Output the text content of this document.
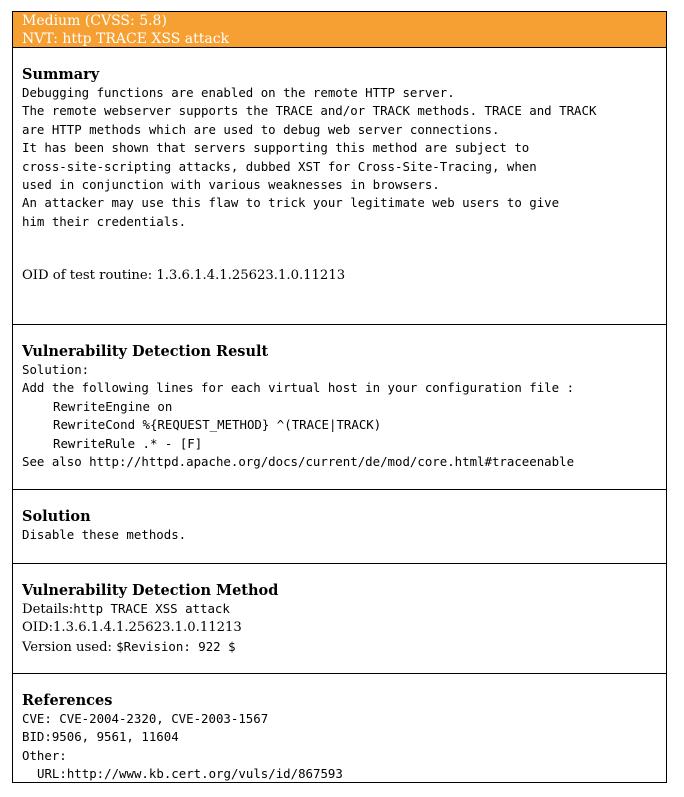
Medium (CVSS: 5.8)
NVT: http TRACE XSS attack
Summary
Debugging functions are enabled on the remote HTTP server.
The remote webserver supports the TRACE and/or TRACK methods. TRACE and TRACK
are HTTP methods which are used to debug web server connections.
It has been shown that servers supporting this method are subject to
cross-site-scripting attacks, dubbed XST for Cross-Site-Tracing, when
used in conjunction with various weaknesses in browsers.
An attacker may use this flaw to trick your legitimate web users to give
him their credentials.
OID of test routine: 1.3.6.1.4.1.25623.1.0.11213
Vulnerability Detection Result
Solution:
Add the following lines for each virtual host in your configuration file :
RewriteEngine on
RewriteCond %{REQUEST_METHOD} ^(TRACE|TRACK)
RewriteRule .* - [F]
See also http://httpd.apache.org/docs/current/de/mod/core.html#traceenable
Solution
Disable these methods.
Vulnerability Detection Method
Details:http TRACE XSS attack
OID:1.3.6.1.4.1.25623.1.0.11213
Version used: $Revision: 922 $
References
CVE: CVE-2004-2320, CVE-2003-1567
BID:9506, 9561, 11604
Other:
URL:http://www.kb.cert.org/vuls/id/867593
